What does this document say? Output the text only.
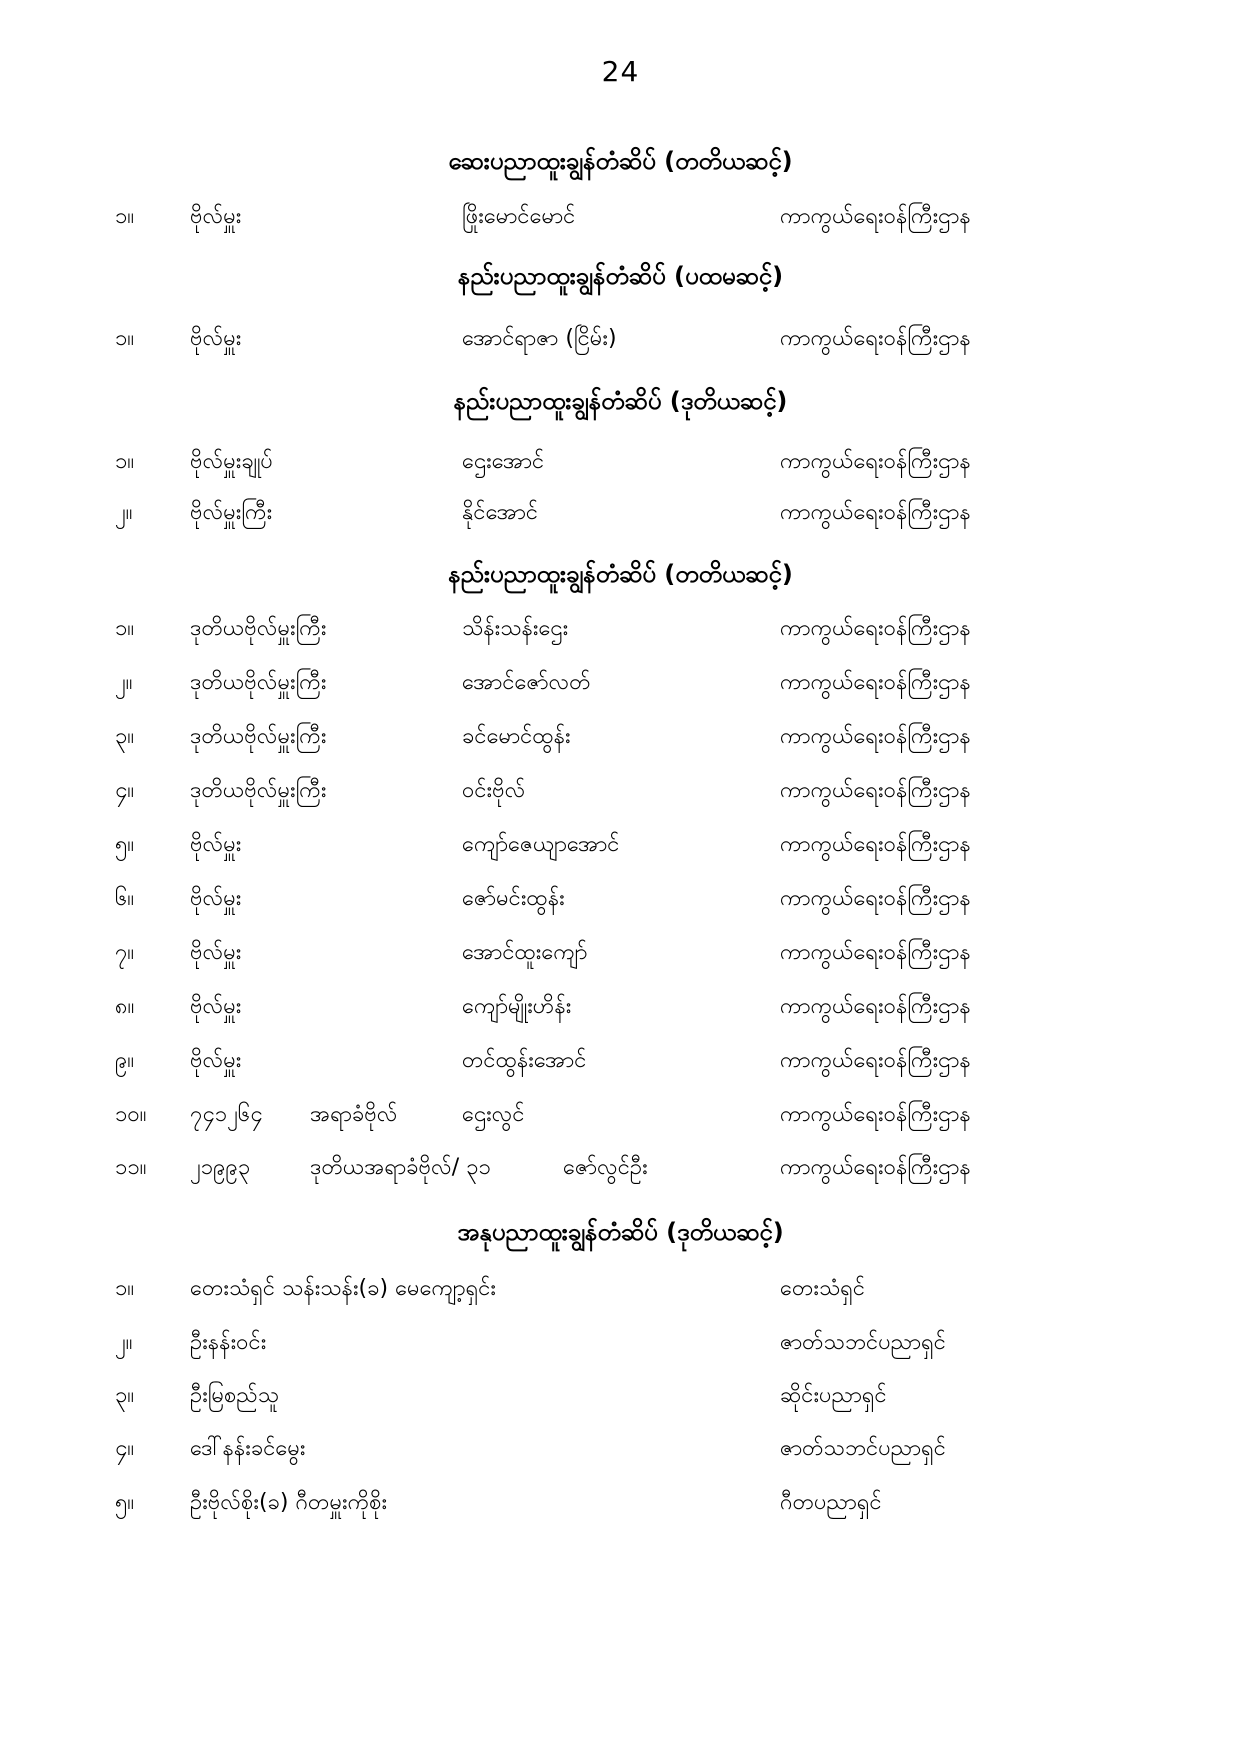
24
ဆေးပညာထူးချွန်တံဆိပ် (တတိယဆင့်)
၁။	ဗိုလ်မှူး	ဖြိုးမောင်မောင်	ကာကွယ်ရေးဝန်ကြီးဌာန
နည်းပညာထူးချွန်တံဆိပ် (ပထမဆင့်)
၁။	ဗိုလ်မှူး	အောင်ရာဇာ (ငြိမ်း)	ကာကွယ်ရေးဝန်ကြီးဌာန
နည်းပညာထူးချွန်တံဆိပ် (ဒုတိယဆင့်)
၁။	ဗိုလ်မှူးချုပ်	ဌေးအောင်	ကာကွယ်ရေးဝန်ကြီးဌာန
၂။	ဗိုလ်မှူးကြီး	နိုင်အောင်	ကာကွယ်ရေးဝန်ကြီးဌာန
နည်းပညာထူးချွန်တံဆိပ် (တတိယဆင့်)
၁။	ဒုတိယဗိုလ်မှူးကြီး	သိန်းသန်းဌေး	ကာကွယ်ရေးဝန်ကြီးဌာန
၂။	ဒုတိယဗိုလ်မှူးကြီး	အောင်ဇော်လတ်	ကာကွယ်ရေးဝန်ကြီးဌာန
၃။	ဒုတိယဗိုလ်မှူးကြီး	ခင်မောင်ထွန်း	ကာကွယ်ရေးဝန်ကြီးဌာန
၄။	ဒုတိယဗိုလ်မှူးကြီး	ဝင်းဗိုလ်	ကာကွယ်ရေးဝန်ကြီးဌာန
၅။	ဗိုလ်မှူး	ကျော်ဇေယျာအောင်	ကာကွယ်ရေးဝန်ကြီးဌာန
၆။	ဗိုလ်မှူး	ဇော်မင်းထွန်း	ကာကွယ်ရေးဝန်ကြီးဌာန
၇။	ဗိုလ်မှူး	အောင်ထူးကျော်	ကာကွယ်ရေးဝန်ကြီးဌာန
၈။	ဗိုလ်မှူး	ကျော်မျိုးဟိန်း	ကာကွယ်ရေးဝန်ကြီးဌာန
၉။	ဗိုလ်မှူး	တင်ထွန်းအောင်	ကာကွယ်ရေးဝန်ကြီးဌာန
၁၀။ ၇၄၁၂၆၄ အရာခံဗိုလ်	ဌေးလွင်	ကာကွယ်ရေးဝန်ကြီးဌာန
၁၁။ ၂၁၉၉၃	ဒုတိယအရာခံဗိုလ်/ ၃၁	ဇော်လွင်ဦး	ကာကွယ်ရေးဝန်ကြီးဌာန
အနုပညာထူးချွန်တံဆိပ် (ဒုတိယဆင့်)
၁။	တေးသံရှင် သန်းသန်း(ခ) မေကျော့ရှင်း	တေးသံရှင်
၂။	ဦးနန်းဝင်း	ဇာတ်သဘင်ပညာရှင်
၃။	ဦးမြစည်သူ	ဆိုင်းပညာရှင်
၄။	ဒေါ်နန်းခင်မွေး	ဇာတ်သဘင်ပညာရှင်
၅။	ဦးဗိုလ်စိုး(ခ) ဂီတမှူးကိုစိုး	ဂီတပညာရှင်
